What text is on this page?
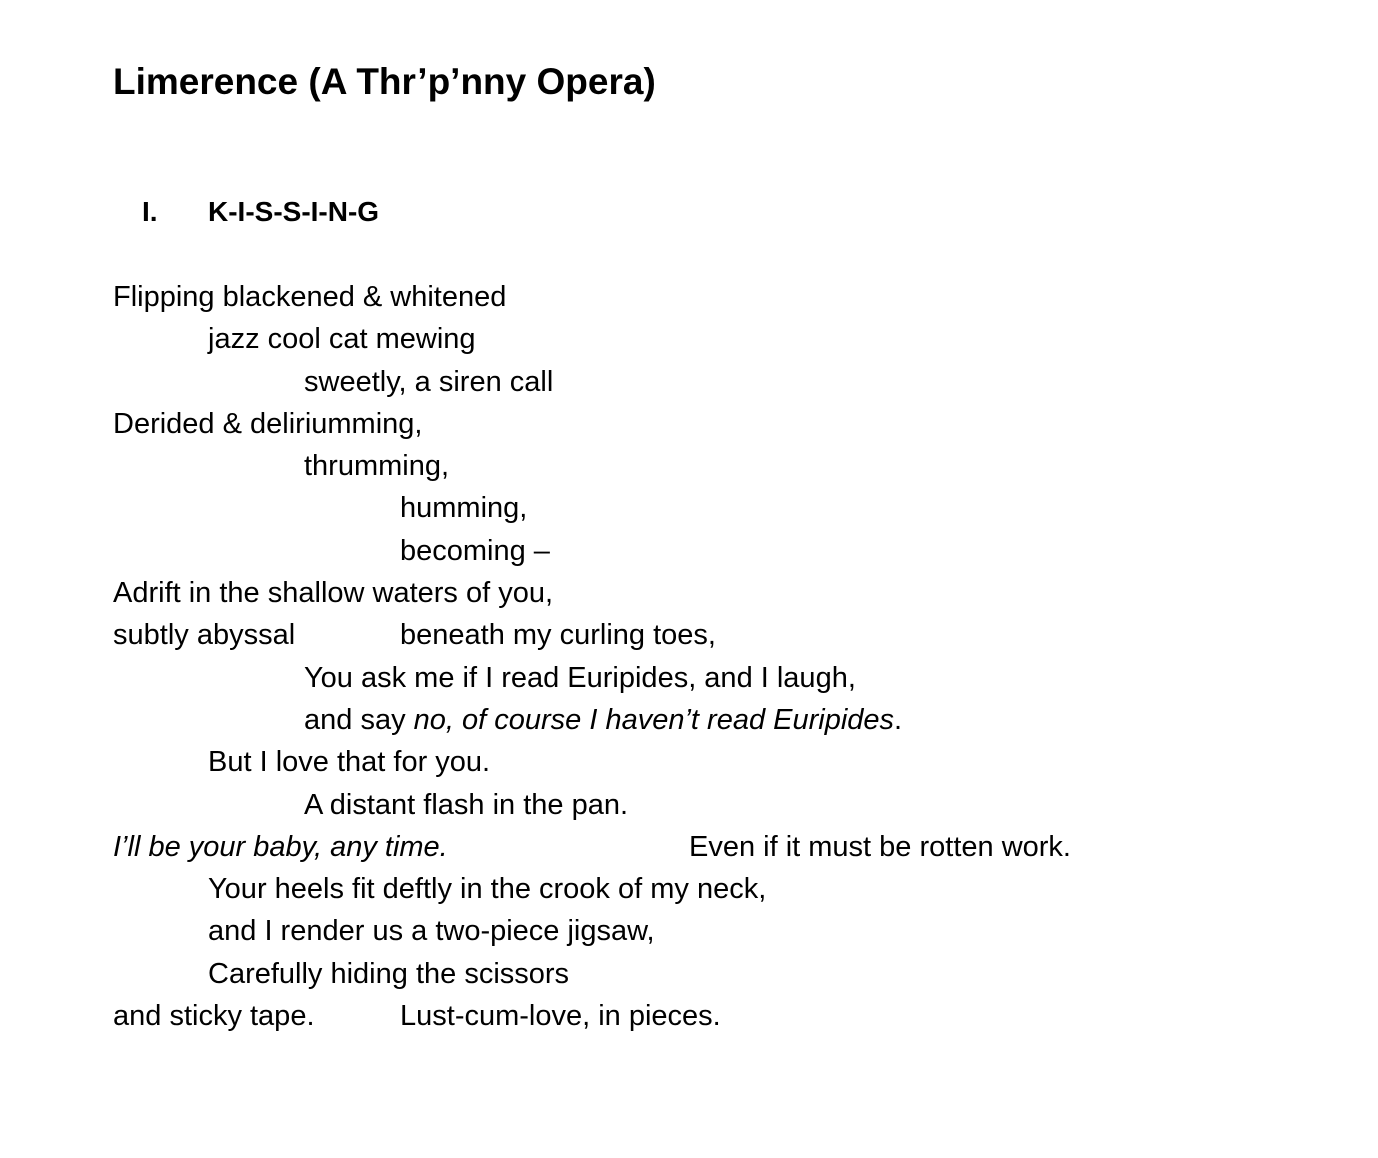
Limerence (A Thr’p’nny Opera)
I. K-I-S-S-I-N-G
Flipping blackened & whitened
jazz cool cat mewing
sweetly, a siren call
Derided & deliriumming,
thrumming,
humming,
becoming –
Adrift in the shallow waters of you,
subtly abyssal	beneath my curling toes,
You ask me if I read Euripides, and I laugh,
and say no, of course I haven’t read Euripides.
But I love that for you.
A distant flash in the pan.
I’ll be your baby, any time.	Even if it must be rotten work.
Your heels fit deftly in the crook of my neck,
and I render us a two-piece jigsaw,
Carefully hiding the scissors
and sticky tape.	Lust-cum-love, in pieces.
